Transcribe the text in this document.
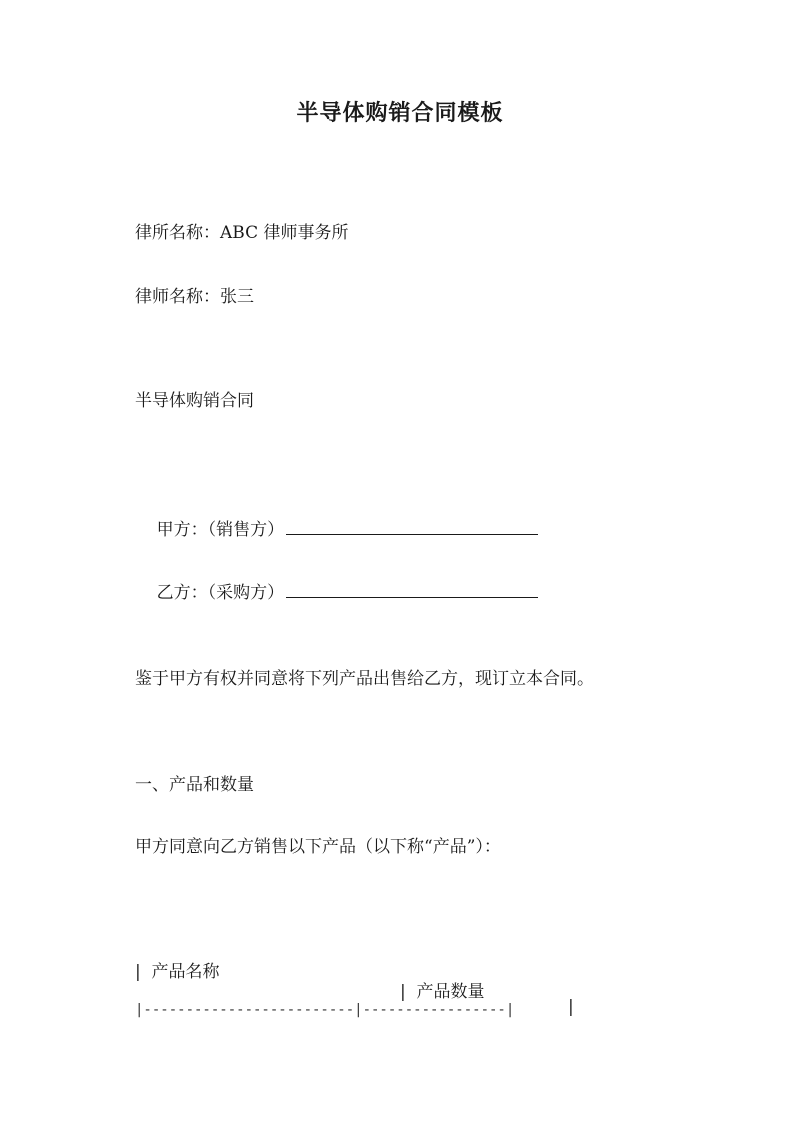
半导体购销合同模板
律所名称：ABC 律师事务所
律师名称：张三
半导体购销合同

甲方：（销售方）

乙方：（采购方）

鉴于甲方有权并同意将下列产品出售给乙方，现订立本合同。
一、产品和数量
甲方同意向乙方销售以下产品（以下称“产品”）：

|  产品名称

|  产品数量

|

|-------------------------|-----------------|
